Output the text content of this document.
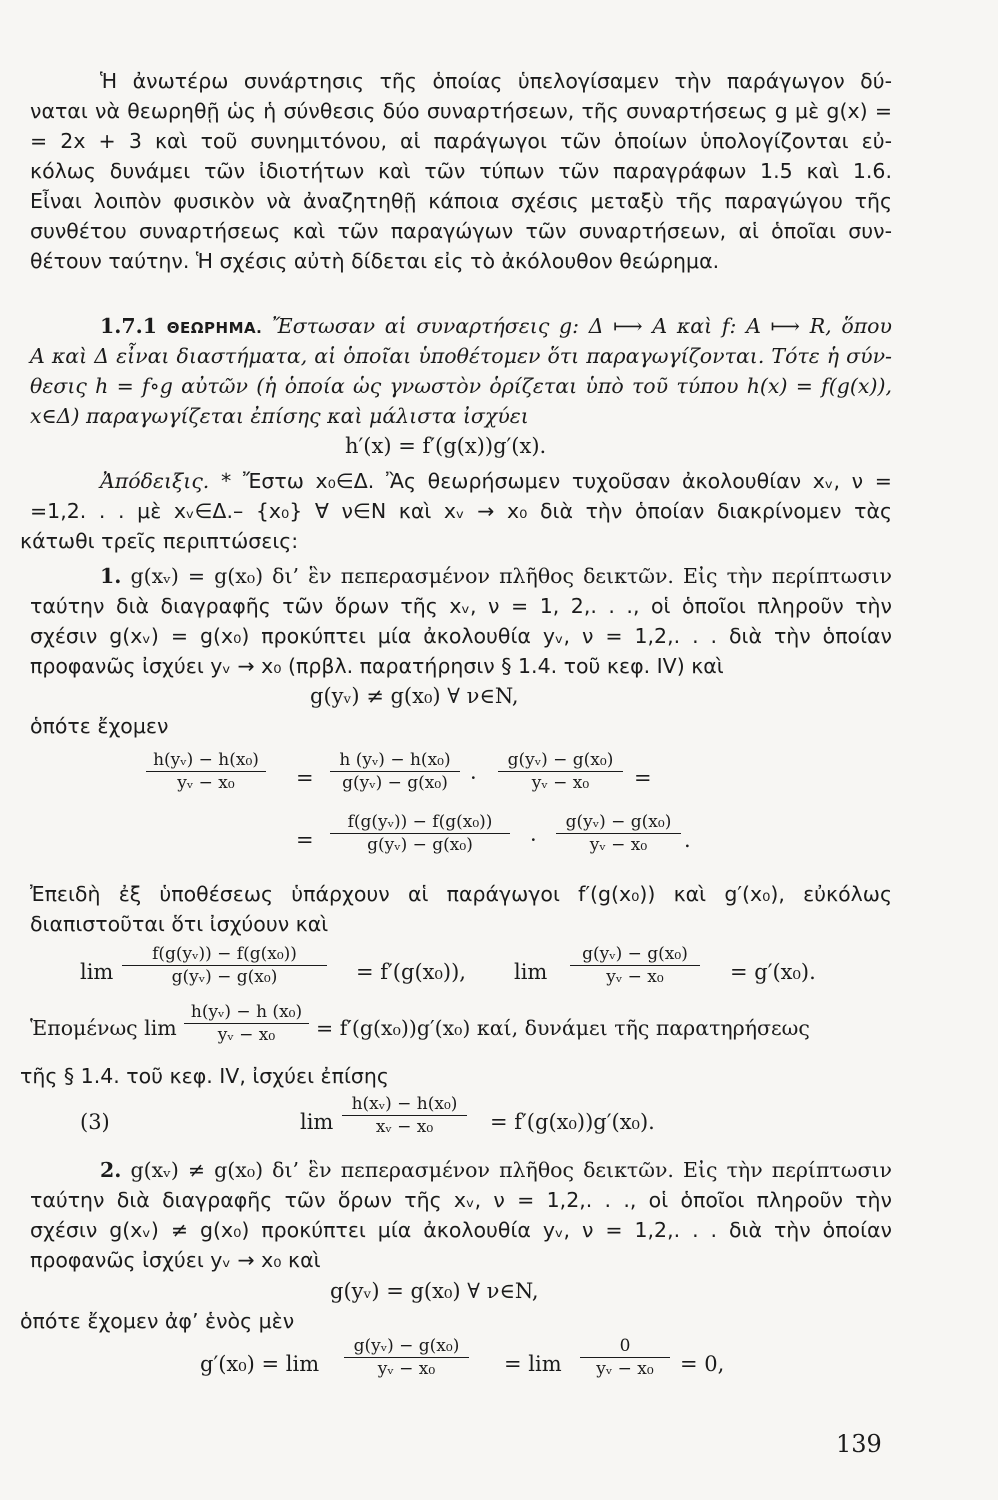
Ἡ ἀνωτέρω συνάρτησις τῆς ὁποίας ὑπελογίσαμεν τὴν παράγωγον δύ-
ναται νὰ θεωρηθῇ ὡς ἡ σύνθεσις δύο συναρτήσεων, τῆς συναρτήσεως g μὲ g(x) =
= 2x + 3 καὶ τοῦ συνημιτόνου, αἱ παράγωγοι τῶν ὁποίων ὑπολογίζονται εὐ-
κόλως δυνάμει τῶν ἰδιοτήτων καὶ τῶν τύπων τῶν παραγράφων 1.5 καὶ 1.6.
Εἶναι λοιπὸν φυσικὸν νὰ ἀναζητηθῇ κάποια σχέσις μεταξὺ τῆς παραγώγου τῆς
συνθέτου συναρτήσεως καὶ τῶν παραγώγων τῶν συναρτήσεων, αἱ ὁποῖαι συν-
θέτουν ταύτην. Ἡ σχέσις αὐτὴ δίδεται εἰς τὸ ἀκόλουθον θεώρημα.
1.7.1 ΘΕΩΡΗΜΑ. Ἔστωσαν αἱ συναρτήσεις g: Δ ⟼ A καὶ f: A ⟼ R, ὅπου
A καὶ Δ εἶναι διαστήματα, αἱ ὁποῖαι ὑποθέτομεν ὅτι παραγωγίζονται. Τότε ἡ σύν-
θεσις h = f∘g αὐτῶν (ἡ ὁποία ὡς γνωστὸν ὁρίζεται ὑπὸ τοῦ τύπου h(x) = f(g(x)),
x∈Δ) παραγωγίζεται ἐπίσης καὶ μάλιστα ἰσχύει
h′(x) = f′(g(x))g′(x).
Ἀπόδειξις. * Ἔστω x₀∈Δ. Ἂς θεωρήσωμεν τυχοῦσαν ἀκολουθίαν xᵥ, ν =
=1,2. . . μὲ xᵥ∈Δ.– {x₀} ∀ ν∈N καὶ xᵥ → x₀ διὰ τὴν ὁποίαν διακρίνομεν τὰς
κάτωθι τρεῖς περιπτώσεις:
1. g(xᵥ) = g(x₀) δι’ ἓν πεπερασμένον πλῆθος δεικτῶν. Εἰς τὴν περίπτωσιν
ταύτην διὰ διαγραφῆς τῶν ὅρων τῆς xᵥ, ν = 1, 2,. . ., οἱ ὁποῖοι πληροῦν τὴν
σχέσιν g(xᵥ) = g(x₀) προκύπτει μία ἀκολουθία yᵥ, ν = 1,2,. . . διὰ τὴν ὁποίαν
προφανῶς ἰσχύει yᵥ → x₀ (πρβλ. παρατήρησιν § 1.4. τοῦ κεφ. IV) καὶ
g(yᵥ) ≠ g(x₀) ∀ ν∈N,
ὁπότε ἔχομεν
h(yᵥ) − h(x₀)
yᵥ − x₀	=
h (yᵥ) − h(x₀)
g(yᵥ) − g(x₀)	·
g(yᵥ) − g(x₀)
yᵥ − x₀	=
=
f(g(yᵥ)) − f(g(x₀))
g(yᵥ) − g(x₀)	·
g(yᵥ) − g(x₀)
yᵥ − x₀	.
Ἐπειδὴ ἐξ ὑποθέσεως ὑπάρχουν αἱ παράγωγοι f′(g(x₀)) καὶ g′(x₀), εὐκόλως
διαπιστοῦται ὅτι ἰσχύουν καὶ
lim
f(g(yᵥ)) − f(g(x₀))
g(yᵥ) − g(x₀)	= f′(g(x₀)), lim
g(yᵥ) − g(x₀)
yᵥ − x₀	= g′(x₀).
Ἑπομένως lim
h(yᵥ) − h (x₀)
yᵥ − x₀	= f′(g(x₀))g′(x₀) καί, δυνάμει τῆς παρατηρήσεως
τῆς § 1.4. τοῦ κεφ. IV, ἰσχύει ἐπίσης
(3)	lim
h(xᵥ) − h(x₀)
xᵥ − x₀	= f′(g(x₀))g′(x₀).
2. g(xᵥ) ≠ g(x₀) δι’ ἓν πεπερασμένον πλῆθος δεικτῶν. Εἰς τὴν περίπτωσιν
ταύτην διὰ διαγραφῆς τῶν ὅρων τῆς xᵥ, ν = 1,2,. . ., οἱ ὁποῖοι πληροῦν τὴν
σχέσιν g(xᵥ) ≠ g(x₀) προκύπτει μία ἀκολουθία yᵥ, ν = 1,2,. . . διὰ τὴν ὁποίαν
προφανῶς ἰσχύει yᵥ → x₀ καὶ
g(yᵥ) = g(x₀) ∀ ν∈N,
ὁπότε ἔχομεν ἀφ’ ἑνὸς μὲν
g′(x₀) = lim
g(yᵥ) − g(x₀)
yᵥ − x₀	= lim
0
yᵥ − x₀	= 0,
139
